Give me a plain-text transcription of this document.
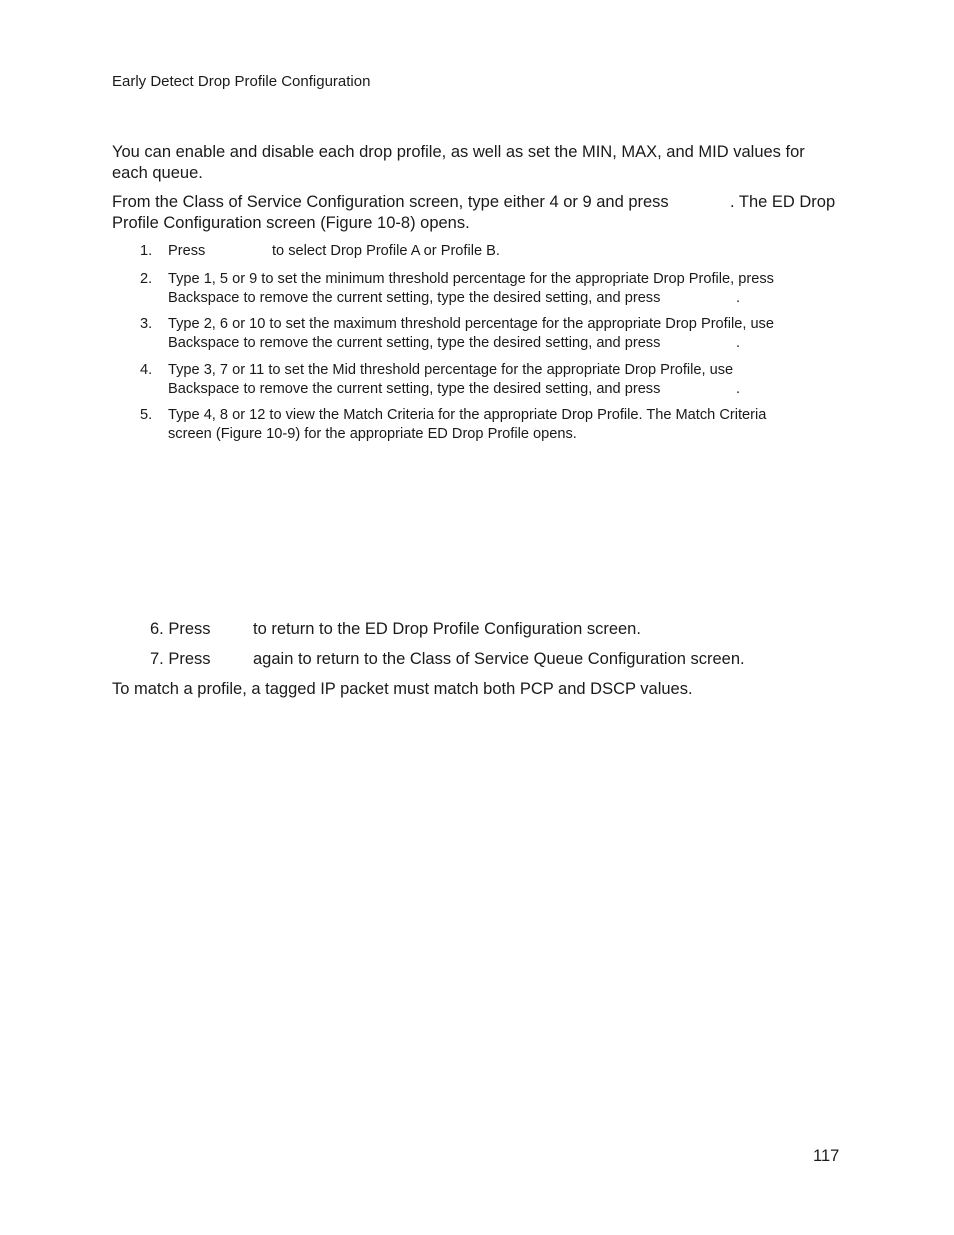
Early Detect Drop Profile Configuration
You can enable and disable each drop profile, as well as set the MIN, MAX, and MID values for
each queue.
From the Class of Service Configuration screen, type either 4 or 9 and press	. The ED Drop
Profile Configuration screen (Figure 10-8) opens.
1. Press	to select Drop Profile A or Profile B.
2. Type 1, 5 or 9 to set the minimum threshold percentage for the appropriate Drop Profile, press
Backspace to remove the current setting, type the desired setting, and press	.
3. Type 2, 6 or 10 to set the maximum threshold percentage for the appropriate Drop Profile, use
Backspace to remove the current setting, type the desired setting, and press	.
4. Type 3, 7 or 11 to set the Mid threshold percentage for the appropriate Drop Profile, use
Backspace to remove the current setting, type the desired setting, and press	.
5. Type 4, 8 or 12 to view the Match Criteria for the appropriate Drop Profile. The Match Criteria
screen (Figure 10-9) for the appropriate ED Drop Profile opens.
6. Press	to return to the ED Drop Profile Configuration screen.
7. Press	again to return to the Class of Service Queue Configuration screen.
To match a profile, a tagged IP packet must match both PCP and DSCP values.
117
